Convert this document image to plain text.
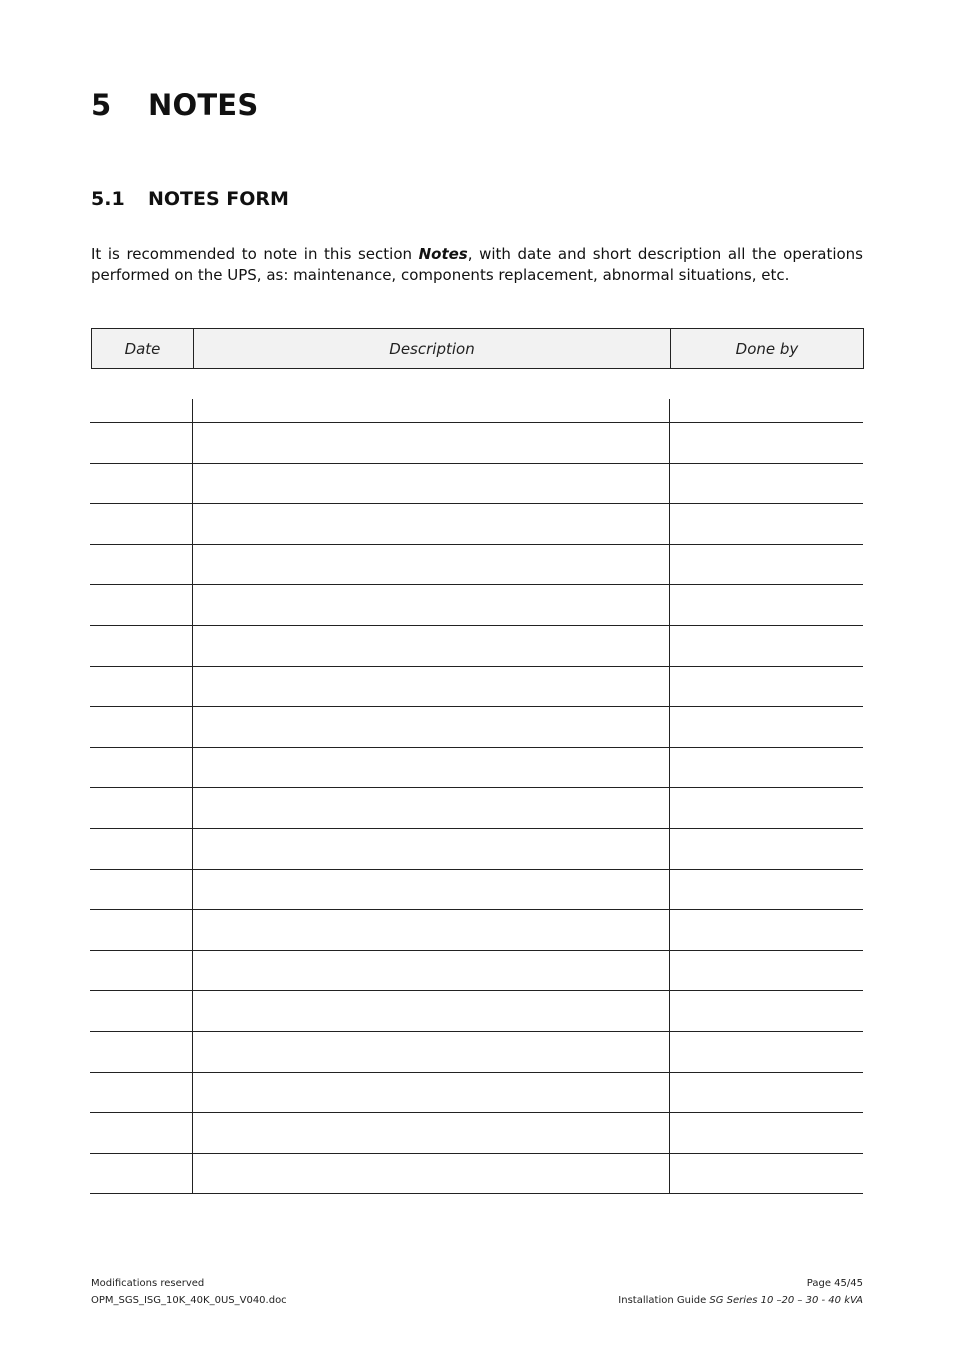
5 NOTES
5.1 NOTES FORM
It is recommended to note in this section Notes, with date and short description all the operations performed on the UPS, as: maintenance, components replacement, abnormal situations, etc.
Date	Description	Done by
Modifications reserved
OPM_SGS_ISG_10K_40K_0US_V040.doc
Page 45/45
Installation Guide SG Series 10 –20 – 30 - 40 kVA
